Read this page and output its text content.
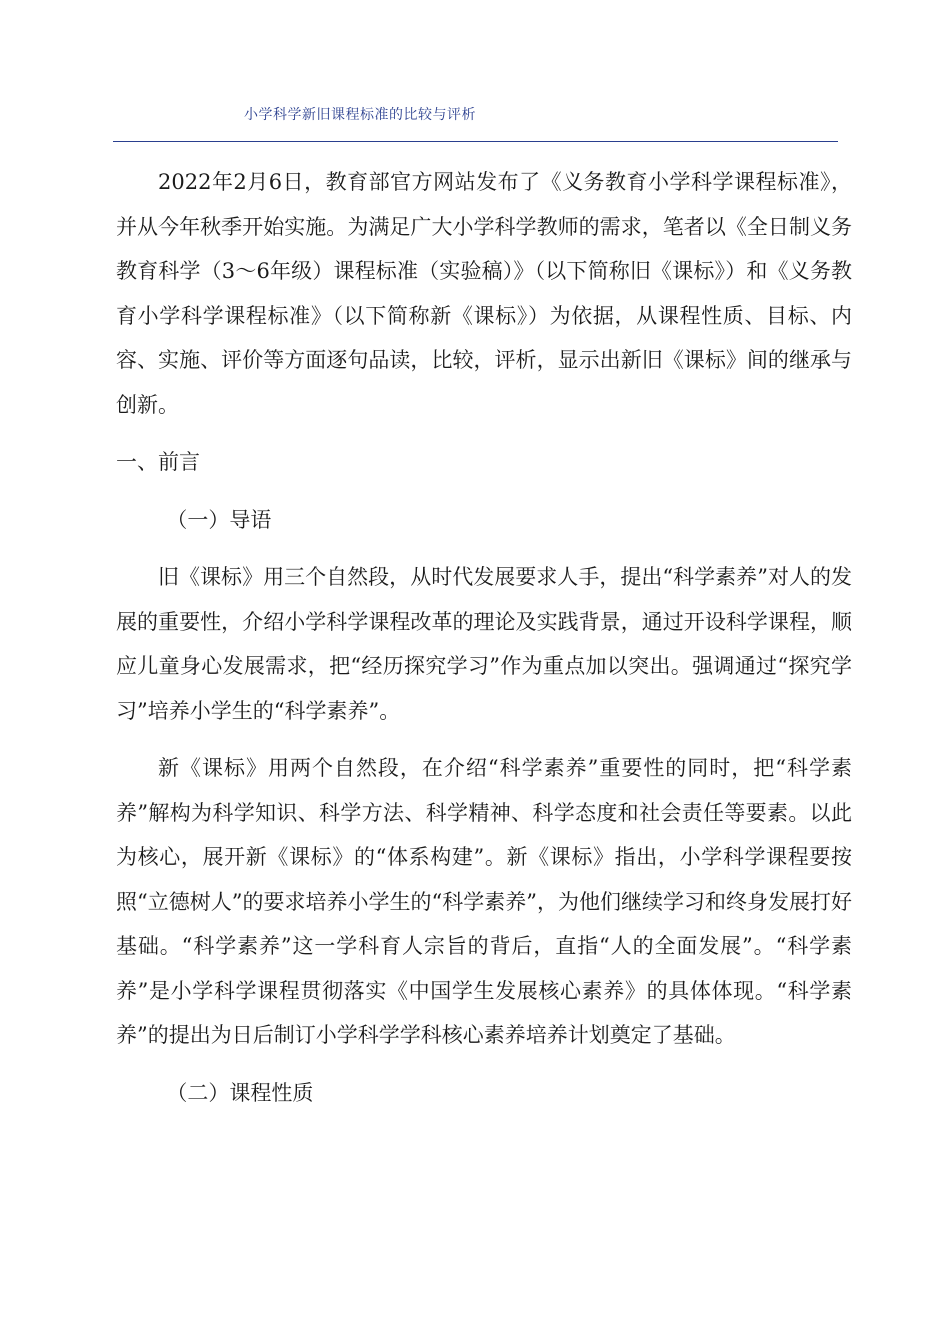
小学科学新旧课程标准的比较与评析

2022年2月6日，教育部官方网站发布了《义务教育小学科学课程标准》，并从今年秋季开始实施。为满足广大小学科学教师的需求，笔者以《全日制义务教育科学（3～6年级）课程标准（实验稿）》（以下简称旧《课标》）和《义务教育小学科学课程标准》（以下简称新《课标》）为依据，从课程性质、目标、内容、实施、评价等方面逐句品读，比较，评析，显示出新旧《课标》间的继承与创新。

一、前言

（一）导语

旧《课标》用三个自然段，从时代发展要求人手，提出“科学素养”对人的发展的重要性，介绍小学科学课程改革的理论及实践背景，通过开设科学课程，顺应儿童身心发展需求，把“经历探究学习”作为重点加以突出。强调通过“探究学习”培养小学生的“科学素养”。

新《课标》用两个自然段，在介绍“科学素养”重要性的同时，把“科学素养”解构为科学知识、科学方法、科学精神、科学态度和社会责任等要素。以此为核心，展开新《课标》的“体系构建”。新《课标》指出，小学科学课程要按照“立德树人”的要求培养小学生的“科学素养”，为他们继续学习和终身发展打好基础。“科学素养”这一学科育人宗旨的背后，直指“人的全面发展”。“科学素养”是小学科学课程贯彻落实《中国学生发展核心素养》的具体体现。“科学素养”的提出为日后制订小学科学学科核心素养培养计划奠定了基础。

（二）课程性质
